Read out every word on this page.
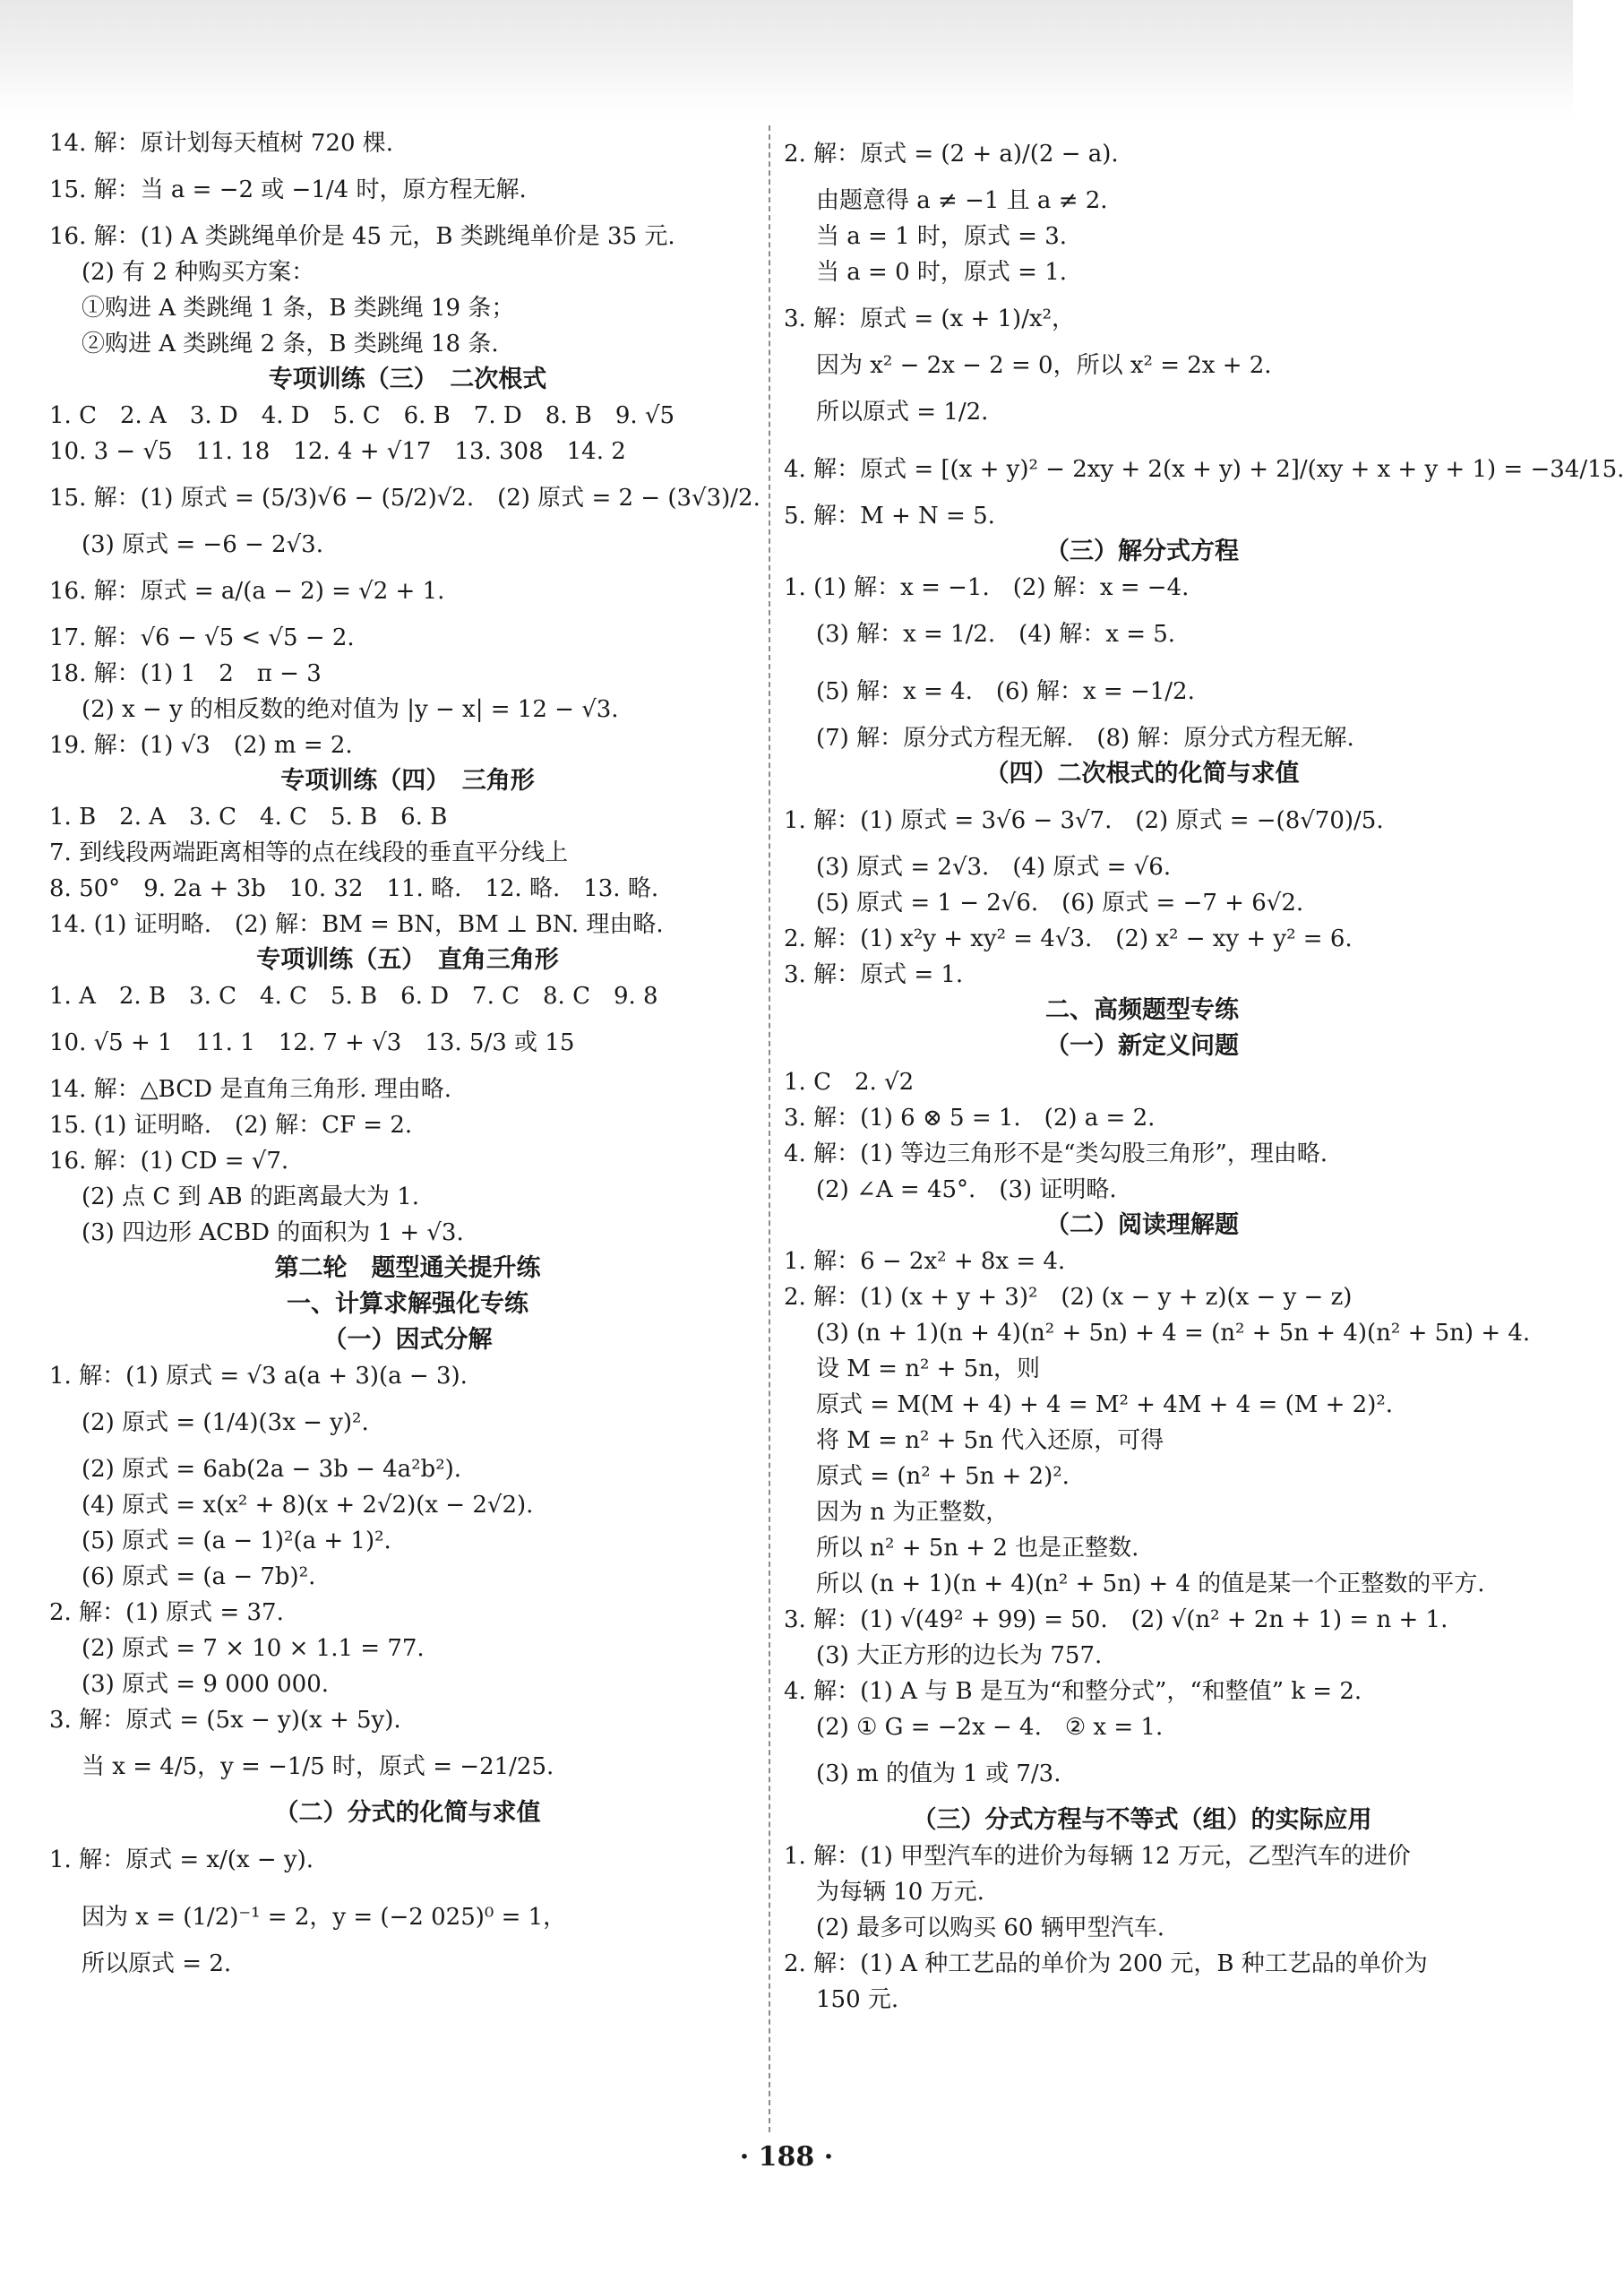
14. 解：原计划每天植树 720 棵.
15. 解：当 a = −2 或 −1/4 时，原方程无解.
16. 解：(1) A 类跳绳单价是 45 元，B 类跳绳单价是 35 元.
(2) 有 2 种购买方案：
①购进 A 类跳绳 1 条，B 类跳绳 19 条；
②购进 A 类跳绳 2 条，B 类跳绳 18 条.
专项训练（三）　二次根式
1. C　2. A　3. D　4. D　5. C　6. B　7. D　8. B　9. √5
10. 3 − √5　11. 18　12. 4 + √17　13. 308　14. 2
15. 解：(1) 原式 = (5/3)√6 − (5/2)√2.　(2) 原式 = 2 − (3√3)/2.
(3) 原式 = −6 − 2√3.
16. 解：原式 = a/(a − 2) = √2 + 1.
17. 解：√6 − √5 < √5 − 2.
18. 解：(1) 1　2　π − 3
(2) x − y 的相反数的绝对值为 |y − x| = 12 − √3.
19. 解：(1) √3　(2) m = 2.
专项训练（四）　三角形
1. B　2. A　3. C　4. C　5. B　6. B
7. 到线段两端距离相等的点在线段的垂直平分线上
8. 50°　9. 2a + 3b　10. 32　11. 略.　12. 略.　13. 略.
14. (1) 证明略.　(2) 解：BM = BN，BM ⊥ BN. 理由略.
专项训练（五）　直角三角形
1. A　2. B　3. C　4. C　5. B　6. D　7. C　8. C　9. 8
10. √5 + 1　11. 1　12. 7 + √3　13. 5/3 或 15
14. 解：△BCD 是直角三角形. 理由略.
15. (1) 证明略.　(2) 解：CF = 2.
16. 解：(1) CD = √7.
(2) 点 C 到 AB 的距离最大为 1.
(3) 四边形 ACBD 的面积为 1 + √3.
第二轮　题型通关提升练
一、计算求解强化专练
（一）因式分解
1. 解：(1) 原式 = √3 a(a + 3)(a − 3).
(2) 原式 = (1/4)(3x − y)².
(2) 原式 = 6ab(2a − 3b − 4a²b²).
(4) 原式 = x(x² + 8)(x + 2√2)(x − 2√2).
(5) 原式 = (a − 1)²(a + 1)².
(6) 原式 = (a − 7b)².
2. 解：(1) 原式 = 37.
(2) 原式 = 7 × 10 × 1.1 = 77.
(3) 原式 = 9 000 000.
3. 解：原式 = (5x − y)(x + 5y).
当 x = 4/5，y = −1/5 时，原式 = −21/25.
（二）分式的化简与求值
1. 解：原式 = x/(x − y).
因为 x = (1/2)⁻¹ = 2，y = (−2 025)⁰ = 1，
所以原式 = 2.
2. 解：原式 = (2 + a)/(2 − a).
由题意得 a ≠ −1 且 a ≠ 2.
当 a = 1 时，原式 = 3.
当 a = 0 时，原式 = 1.
3. 解：原式 = (x + 1)/x²，
因为 x² − 2x − 2 = 0，所以 x² = 2x + 2.
所以原式 = 1/2.
4. 解：原式 = [(x + y)² − 2xy + 2(x + y) + 2]/(xy + x + y + 1) = −34/15.
5. 解：M + N = 5.
（三）解分式方程
1. (1) 解：x = −1.　(2) 解：x = −4.
(3) 解：x = 1/2.　(4) 解：x = 5.
(5) 解：x = 4.　(6) 解：x = −1/2.
(7) 解：原分式方程无解.　(8) 解：原分式方程无解.
（四）二次根式的化简与求值
1. 解：(1) 原式 = 3√6 − 3√7.　(2) 原式 = −(8√70)/5.
(3) 原式 = 2√3.　(4) 原式 = √6.
(5) 原式 = 1 − 2√6.　(6) 原式 = −7 + 6√2.
2. 解：(1) x²y + xy² = 4√3.　(2) x² − xy + y² = 6.
3. 解：原式 = 1.
二、高频题型专练
（一）新定义问题
1. C　2. √2
3. 解：(1) 6 ⊗ 5 = 1.　(2) a = 2.
4. 解：(1) 等边三角形不是“类勾股三角形”，理由略.
(2) ∠A = 45°.　(3) 证明略.
（二）阅读理解题
1. 解：6 − 2x² + 8x = 4.
2. 解：(1) (x + y + 3)²　(2) (x − y + z)(x − y − z)
(3) (n + 1)(n + 4)(n² + 5n) + 4 = (n² + 5n + 4)(n² + 5n) + 4.
设 M = n² + 5n，则
原式 = M(M + 4) + 4 = M² + 4M + 4 = (M + 2)².
将 M = n² + 5n 代入还原，可得
原式 = (n² + 5n + 2)².
因为 n 为正整数，
所以 n² + 5n + 2 也是正整数.
所以 (n + 1)(n + 4)(n² + 5n) + 4 的值是某一个正整数的平方.
3. 解：(1) √(49² + 99) = 50.　(2) √(n² + 2n + 1) = n + 1.
(3) 大正方形的边长为 757.
4. 解：(1) A 与 B 是互为“和整分式”，“和整值” k = 2.
(2) ① G = −2x − 4.　② x = 1.
(3) m 的值为 1 或 7/3.
（三）分式方程与不等式（组）的实际应用
1. 解：(1) 甲型汽车的进价为每辆 12 万元，乙型汽车的进价
为每辆 10 万元.
(2) 最多可以购买 60 辆甲型汽车.
2. 解：(1) A 种工艺品的单价为 200 元，B 种工艺品的单价为
150 元.
· 188 ·
